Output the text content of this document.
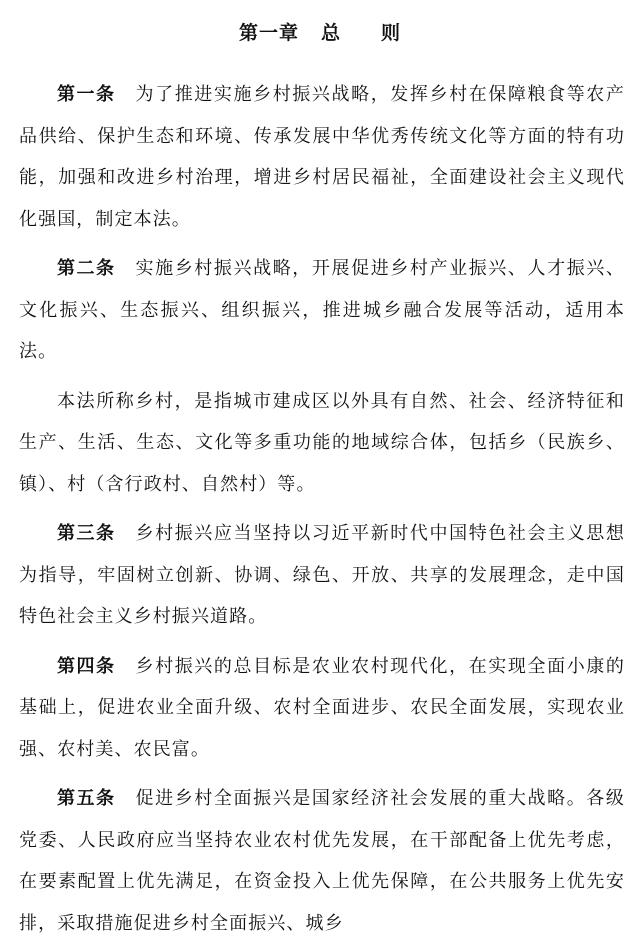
第一章 总 则

第一条 为了推进实施乡村振兴战略，发挥乡村在保障粮食等农产品供给、保护生态和环境、传承发展中华优秀传统文化等方面的特有功能，加强和改进乡村治理，增进乡村居民福祉，全面建设社会主义现代化强国，制定本法。

第二条 实施乡村振兴战略，开展促进乡村产业振兴、人才振兴、文化振兴、生态振兴、组织振兴，推进城乡融合发展等活动，适用本法。

本法所称乡村，是指城市建成区以外具有自然、社会、经济特征和生产、生活、生态、文化等多重功能的地域综合体，包括乡（民族乡、镇）、村（含行政村、自然村）等。

第三条 乡村振兴应当坚持以习近平新时代中国特色社会主义思想为指导，牢固树立创新、协调、绿色、开放、共享的发展理念，走中国特色社会主义乡村振兴道路。

第四条 乡村振兴的总目标是农业农村现代化，在实现全面小康的基础上，促进农业全面升级、农村全面进步、农民全面发展，实现农业强、农村美、农民富。

第五条 促进乡村全面振兴是国家经济社会发展的重大战略。各级党委、人民政府应当坚持农业农村优先发展，在干部配备上优先考虑，在要素配置上优先满足，在资金投入上优先保障，在公共服务上优先安排，采取措施促进乡村全面振兴、城乡
